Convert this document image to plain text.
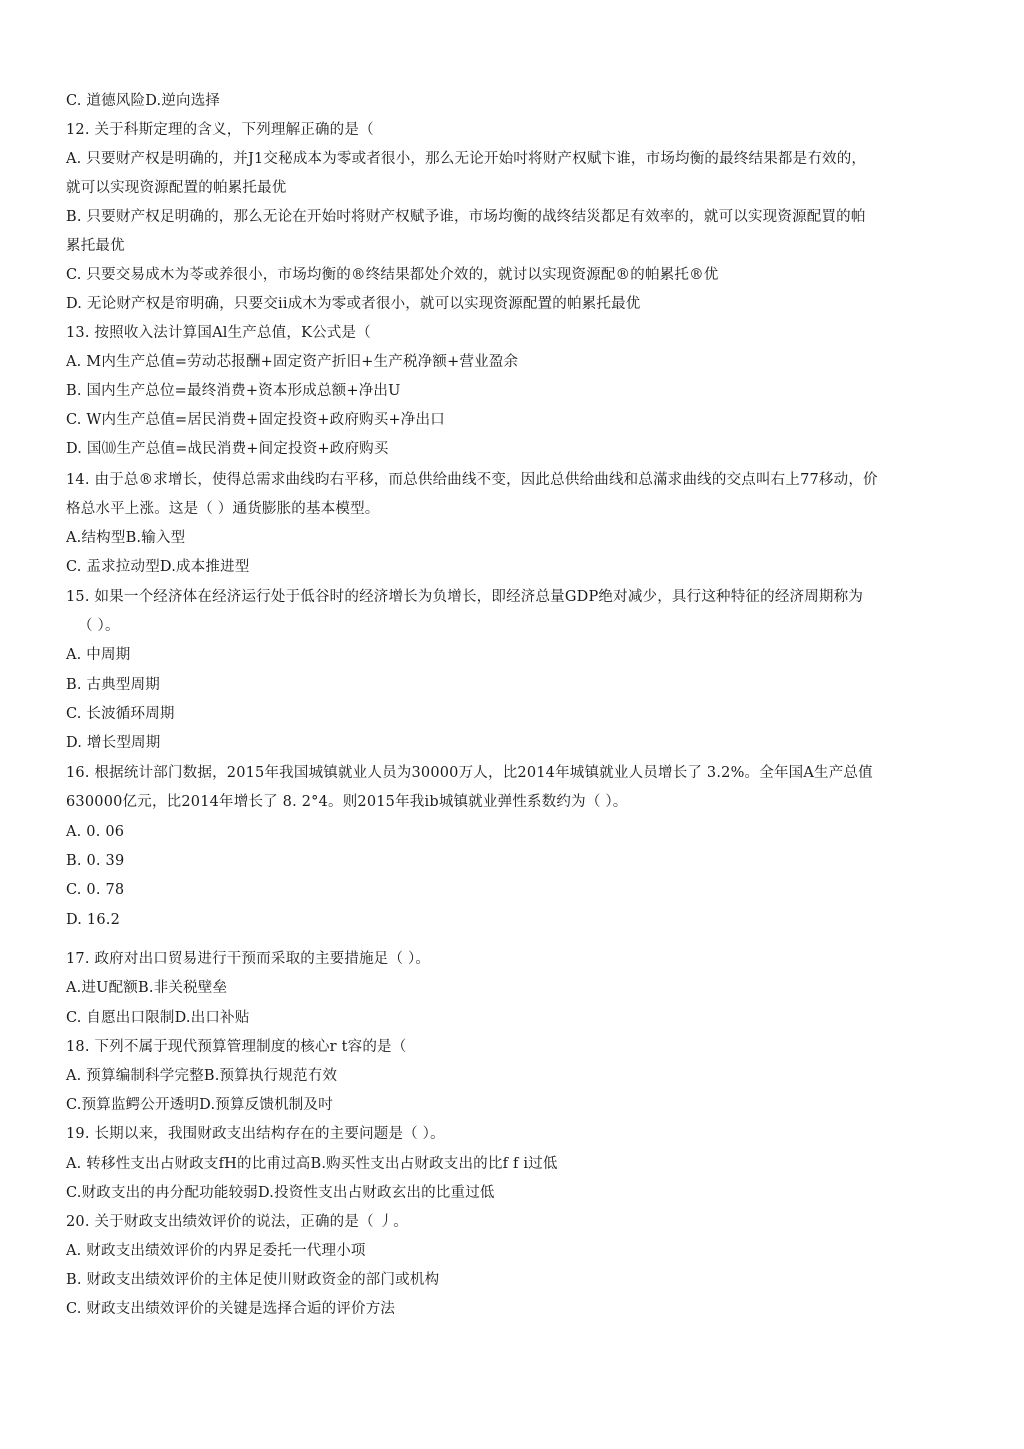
C. 道德风险D.逆向选择
12. 关于科斯定理的含义，下列理解正确的是（
A. 只要财产权是明确的，并J1交秘成本为零或者很小，那么无论开始吋将财产权赋卞谁，市场均衡的最终结果都是冇效的，
就可以实现资源配置的帕累托最优
B. 只要财产权足明确的，那么无论在开始吋将财产权赋予谁，市场均衡的战终结災都足有效率的，就可以实现资源配買的帕
累托最优
C. 只要交易成木为苓或养很小，市场均衡的®终结果都处介效的，就讨以实现资源配®的帕累托®优
D. 无论财产权是帘明确，只要交ii成木为零或者很小，就可以实现资源配置的帕累托最优
13. 按照收入法计算国Al生产总值，K公式是（
A. M内生产总值=劳动芯报酬+固定资产折旧+生产税净额+营业盈余
B. 国内生产总位=最终消费+资本形成总额+净出U
C. W内生产总值=居民消费+固定投资+政府购买+净出口
D. 国⑽生产总值=战民消费+间定投资+政府购买
14. 由于总®求增长，使得总需求曲线昀右平移，而总供给曲线不变，因此总供给曲线和总滿求曲线的交点叫右上77移动，价
格总水平上涨。这是（ ）通货膨胀的基本模型。
A.结构型B.输入型
C. 盂求拉动型D.成本推进型
15. 如果一个经济体在经济运行处于低谷时的经济增长为负增长，即经济总量GDP绝对减少，具行这种特征的经济周期称为
（ ）。
A. 中周期
B. 古典型周期
C. 长波循环周期
D. 增长型周期
16. 根据统计部门数据，2015年我国城镇就业人员为30000万人，比2014年城镇就业人员增长了 3.2%。全年国A生产总值
630000亿元，比2014年增长了 8. 2°4。则2015年我ib城镇就业弹性系数约为（ ）。
A. 0. 06
B. 0. 39
C. 0. 78
D. 16.2
17. 政府对出口贸易进行干预而采取的主要措施足（ ）。
A.进U配额B.非关税壁垒
C. 自愿出口限制D.出口补贴
18. 下列不属于现代预算管理制度的核心r t容的是（
A. 预算编制科学完整B.预算执行规范冇效
C.预算监鳄公开透明D.预算反馈机制及吋
19. 长期以来，我围财政支出结构存在的主要问题是（ ）。
A. 转移性支出占财政支fH的比甫过高B.购买性支出占财政支出的比f f i过低
C.财政支出的冉分配功能较弱D.投资性支出占财政玄出的比重过低
20. 关于财政支出绩效评价的说法，正确的是（ 丿。
A. 财政支出绩效评价的内界足委托一代理小项
B. 财政支出绩效评价的主体足使川财政资金的部门或机构
C. 财政支出绩效评价的关键是选择合逅的评价方法
